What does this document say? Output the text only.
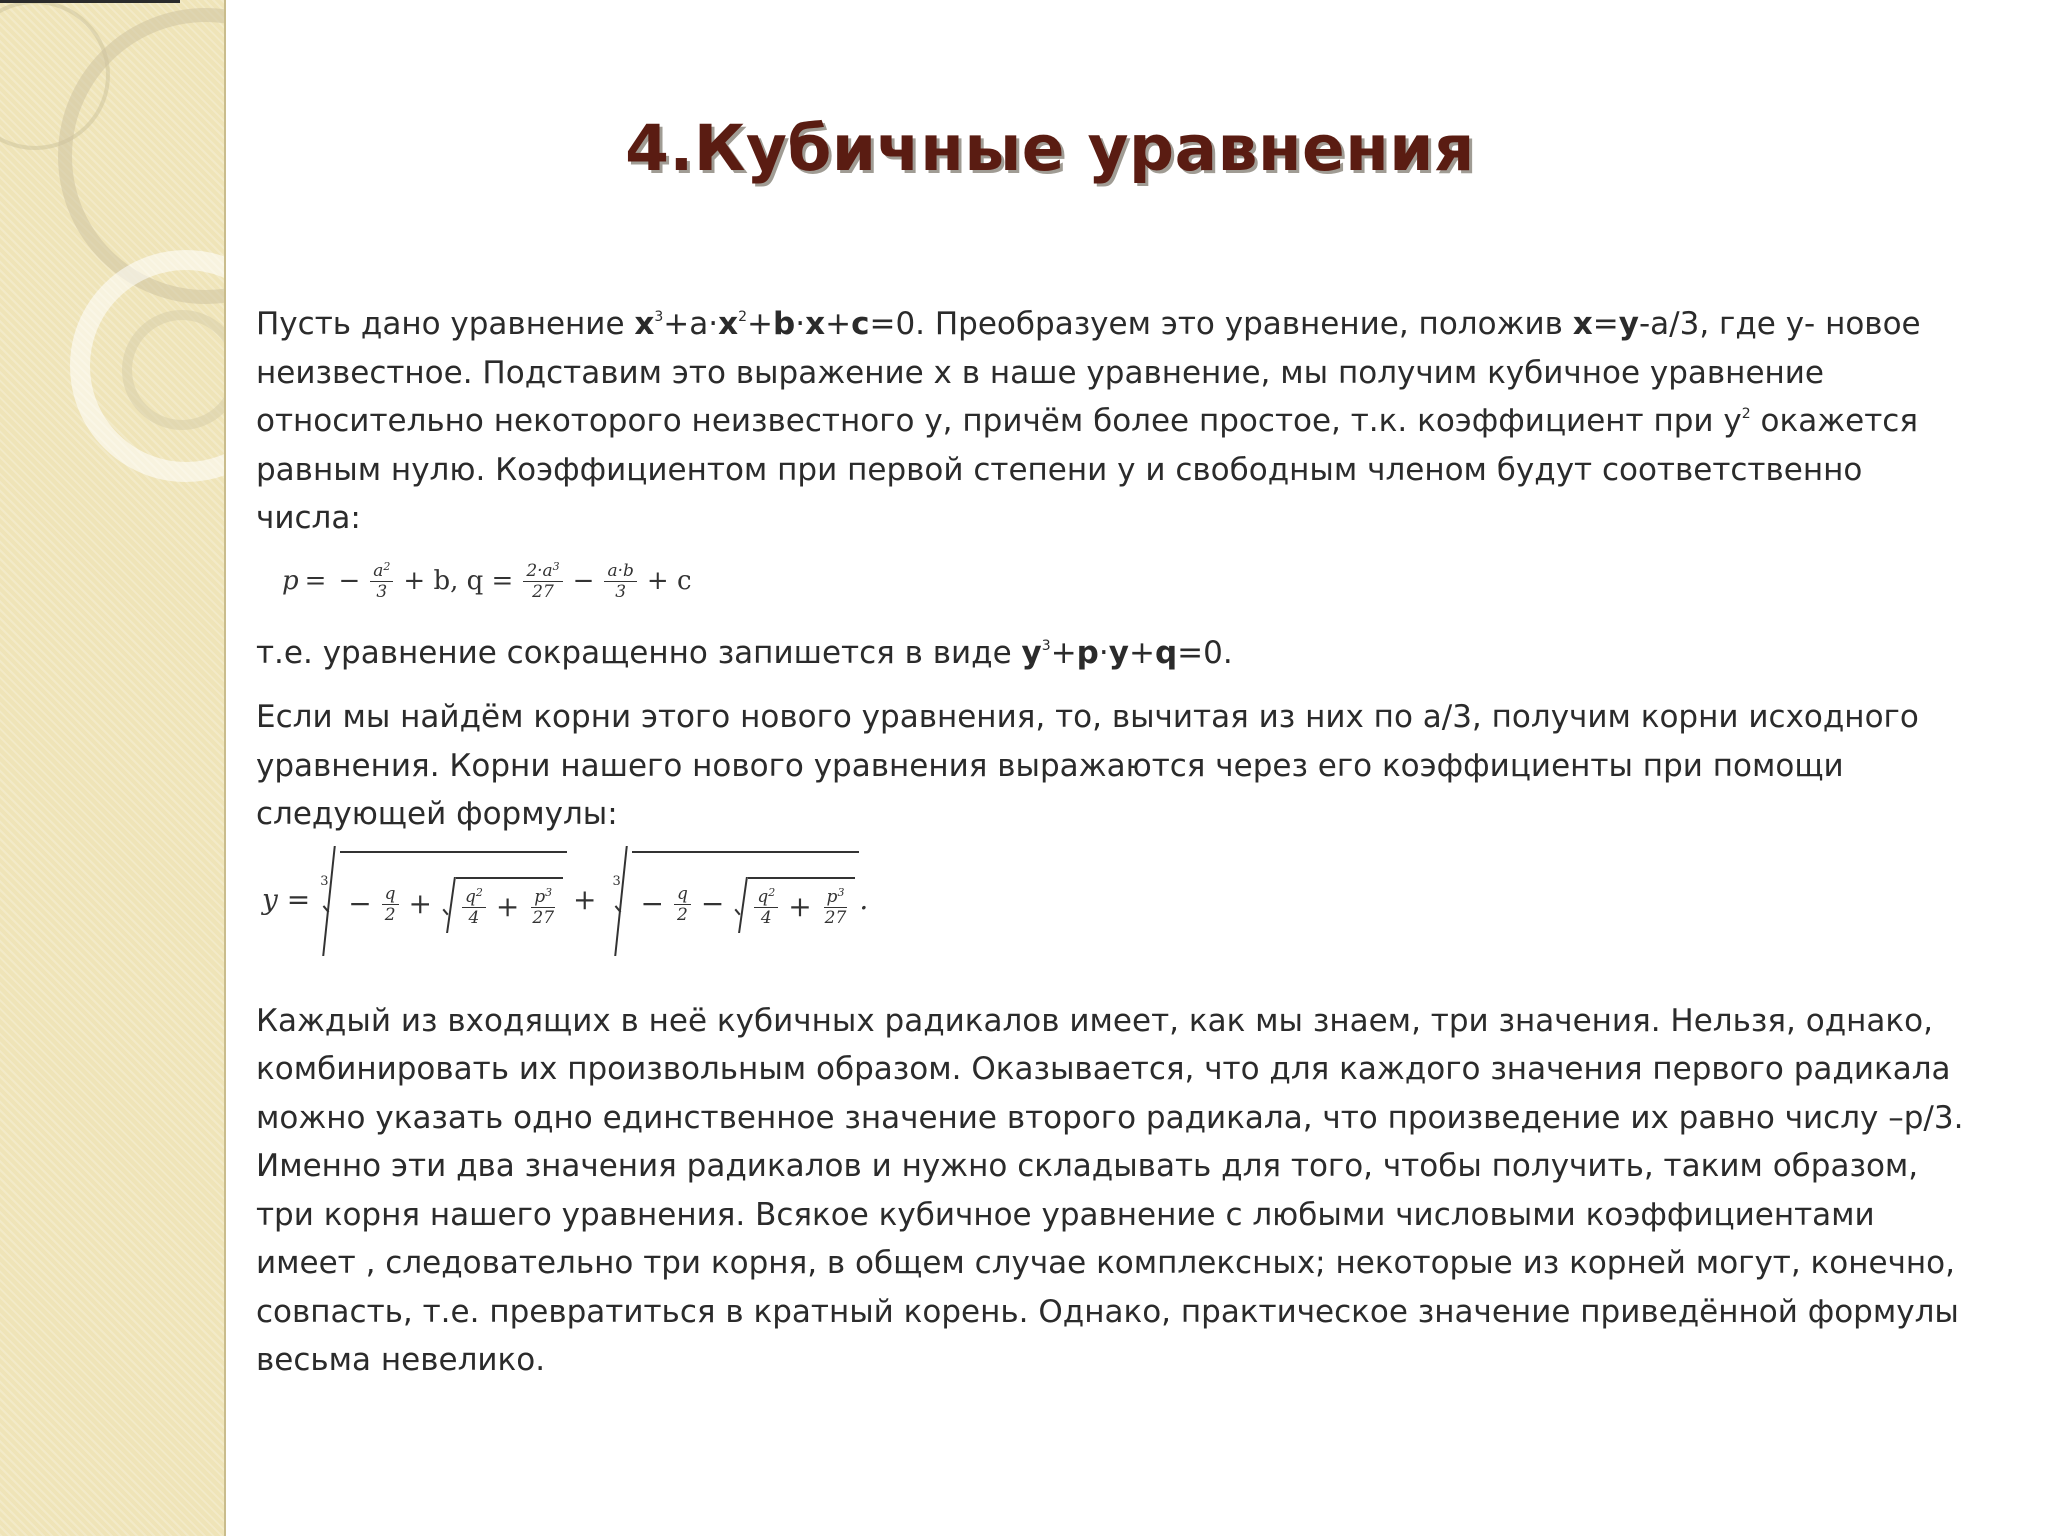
4.Кубичные уравнения

Пусть дано уравнение $x^3+a\cdot x^2+b\cdot x+c=0$. Преобразуем это уравнение, положив x=y-a/3, где у- новое неизвестное. Подставим это выражение х в наше уравнение, мы получим кубичное уравнение относительно некоторого неизвестного у, причём более простое, т.к. коэффициент при $у^2$ окажется равным нулю. Коэффициентом при первой степени у и свободным членом будут соответственно числа:

p = − $\frac{a^2}{3} + b$, $q = \frac{2\cdot a^3}{27} - \frac{a\cdot b}{3} + c$

т.е. уравнение сокращенно запишется в виде $y^3+p\cdot y+q=0$.

Если мы найдём корни этого нового уравнения, то, вычитая из них по а/3, получим корни исходного уравнения. Корни нашего нового уравнения выражаются через его коэффициенты при помощи следующей формулы:

y =
3
− $\frac{q}{2} + \frac{q^2}{4} + \frac{p^3}{27}$ +
3
− $\frac{q}{2} - \frac{q^2}{4} + \frac{p^3}{27}$ .

Каждый из входящих в неё кубичных радикалов имеет, как мы знаем, три значения. Нельзя, однако, комбинировать их произвольным образом. Оказывается, что для каждого значения первого радикала можно указать одно единственное значение второго радикала, что произведение их равно числу –р/3. Именно эти два значения радикалов и нужно складывать для того, чтобы получить, таким образом, три корня нашего уравнения. Всякое кубичное уравнение с любыми числовыми коэффициентами имеет , следовательно три корня, в общем случае комплексных; некоторые из корней могут, конечно, совпасть, т.е. превратиться в кратный корень. Однако, практическое значение приведённой формулы весьма невелико.
